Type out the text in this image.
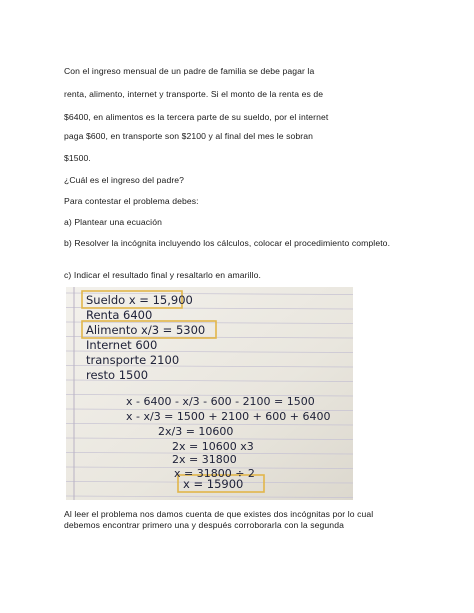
Con el ingreso mensual de un padre de familia se debe pagar la
renta, alimento, internet y transporte. Si el monto de la renta es de
$6400, en alimentos es la tercera parte de su sueldo, por el internet
paga $600, en transporte son $2100 y al final del mes le sobran
$1500.
¿Cuál es el ingreso del padre?
Para contestar el problema debes:
a) Plantear una ecuación
b) Resolver la incógnita incluyendo los cálculos, colocar el procedimiento completo.
c) Indicar el resultado final y resaltarlo en amarillo.
Sueldo x = 15,900
Renta 6400
Alimento x/3 = 5300
Internet 600
transporte 2100
resto 1500
x - 6400 - x/3 - 600 - 2100 = 1500
x - x/3 = 1500 + 2100 + 600 + 6400
2x/3 = 10600
2x = 10600 x3
2x = 31800
x = 31800 ÷ 2
x = 15900
Al leer el problema nos damos cuenta de que existes dos incógnitas por lo cual
debemos encontrar primero una y después corroborarla con la segunda
